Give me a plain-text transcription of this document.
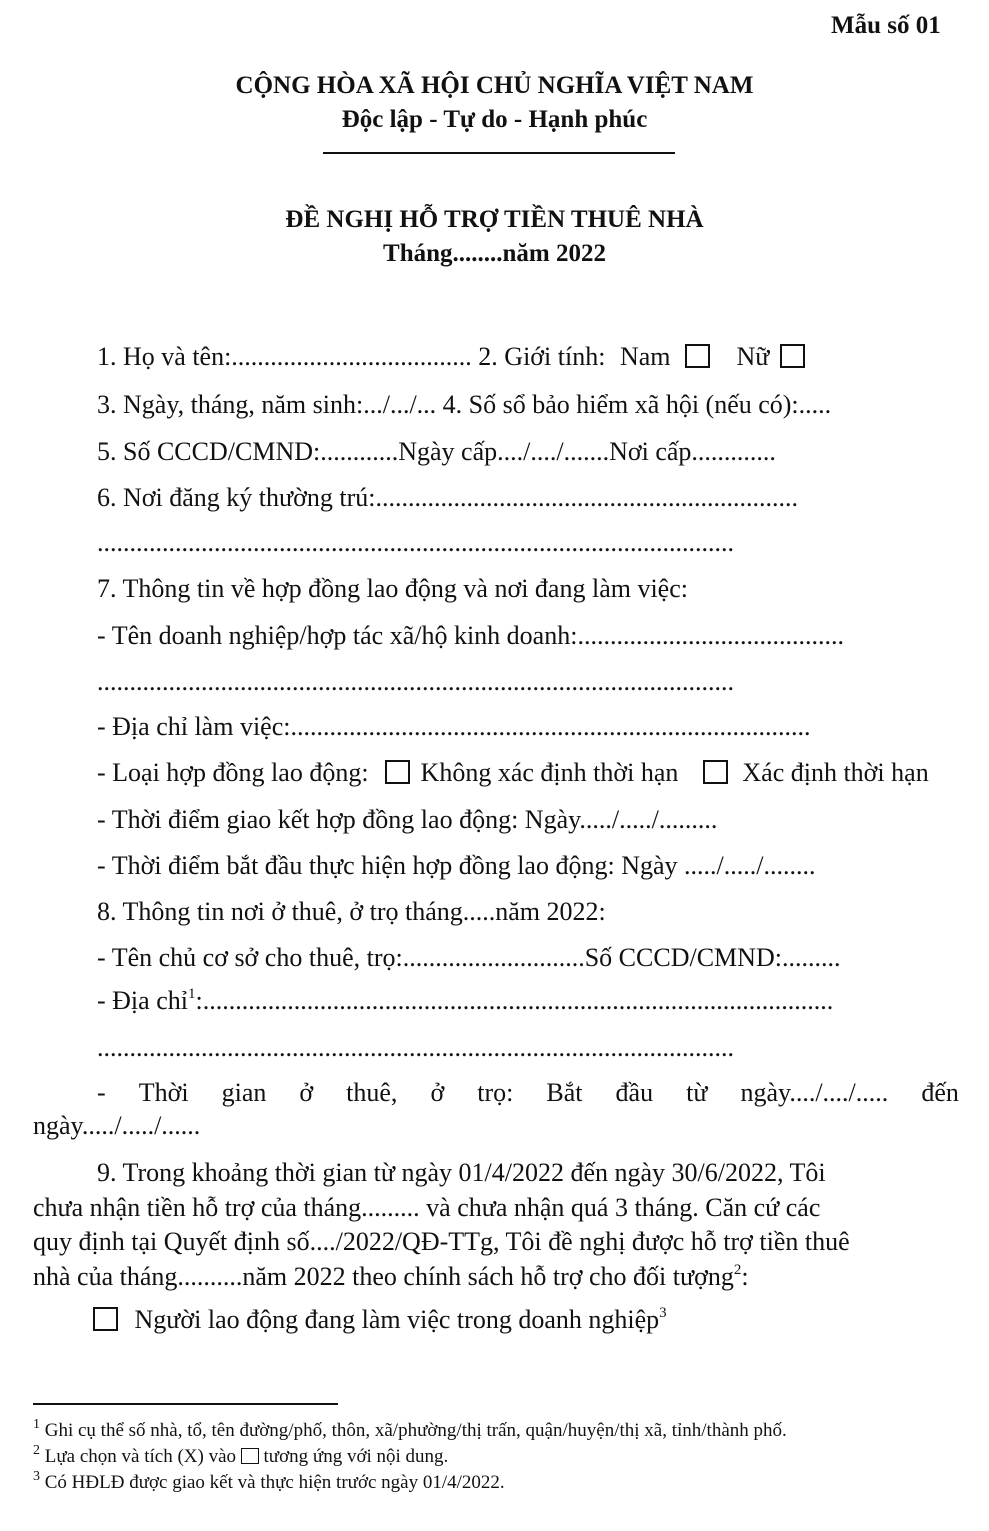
Mẫu số 01
CỘNG HÒA XÃ HỘI CHỦ NGHĨA VIỆT NAM
Độc lập - Tự do - Hạnh phúc
ĐỀ NGHỊ HỖ TRỢ TIỀN THUÊ NHÀ
Tháng........năm 2022
1. Họ và tên:..................................... 2. Giới tính: Nam	Nữ
3. Ngày, tháng, năm sinh:.../.../... 4. Số sổ bảo hiểm xã hội (nếu có):.....
5. Số CCCD/CMND:............Ngày cấp..../..../.......Nơi cấp.............
6. Nơi đăng ký thường trú:.................................................................
..................................................................................................
7. Thông tin về hợp đồng lao động và nơi đang làm việc:
- Tên doanh nghiệp/hợp tác xã/hộ kinh doanh:.........................................
..................................................................................................
- Địa chỉ làm việc:................................................................................
- Loại hợp đồng lao động: Không xác định thời hạn Xác định thời hạn
- Thời điểm giao kết hợp đồng lao động: Ngày...../...../.........
- Thời điểm bắt đầu thực hiện hợp đồng lao động: Ngày ...../...../........
8. Thông tin nơi ở thuê, ở trọ tháng.....năm 2022:
- Tên chủ cơ sở cho thuê, trọ:............................Số CCCD/CMND:.........
- Địa chỉ$^1$:.................................................................................................
..................................................................................................
- Thời gian ở thuê, ở trọ: Bắt đầu từ ngày..../..../..... đến
ngày...../...../......
9. Trong khoảng thời gian từ ngày 01/4/2022 đến ngày 30/6/2022, Tôi
chưa nhận tiền hỗ trợ của tháng......... và chưa nhận quá 3 tháng. Căn cứ các
quy định tại Quyết định số..../2022/QĐ-TTg, Tôi đề nghị được hỗ trợ tiền thuê
nhà của tháng..........năm 2022 theo chính sách hỗ trợ cho đối tượng$^2$:
Người lao động đang làm việc trong doanh nghiệp$^3$
$^1$ Ghi cụ thể số nhà, tổ, tên đường/phố, thôn, xã/phường/thị trấn, quận/huyện/thị xã, tỉnh/thành phố.
$^2$ Lựa chọn và tích (X) vào tương ứng với nội dung.
$^3$ Có HĐLĐ được giao kết và thực hiện trước ngày 01/4/2022.
